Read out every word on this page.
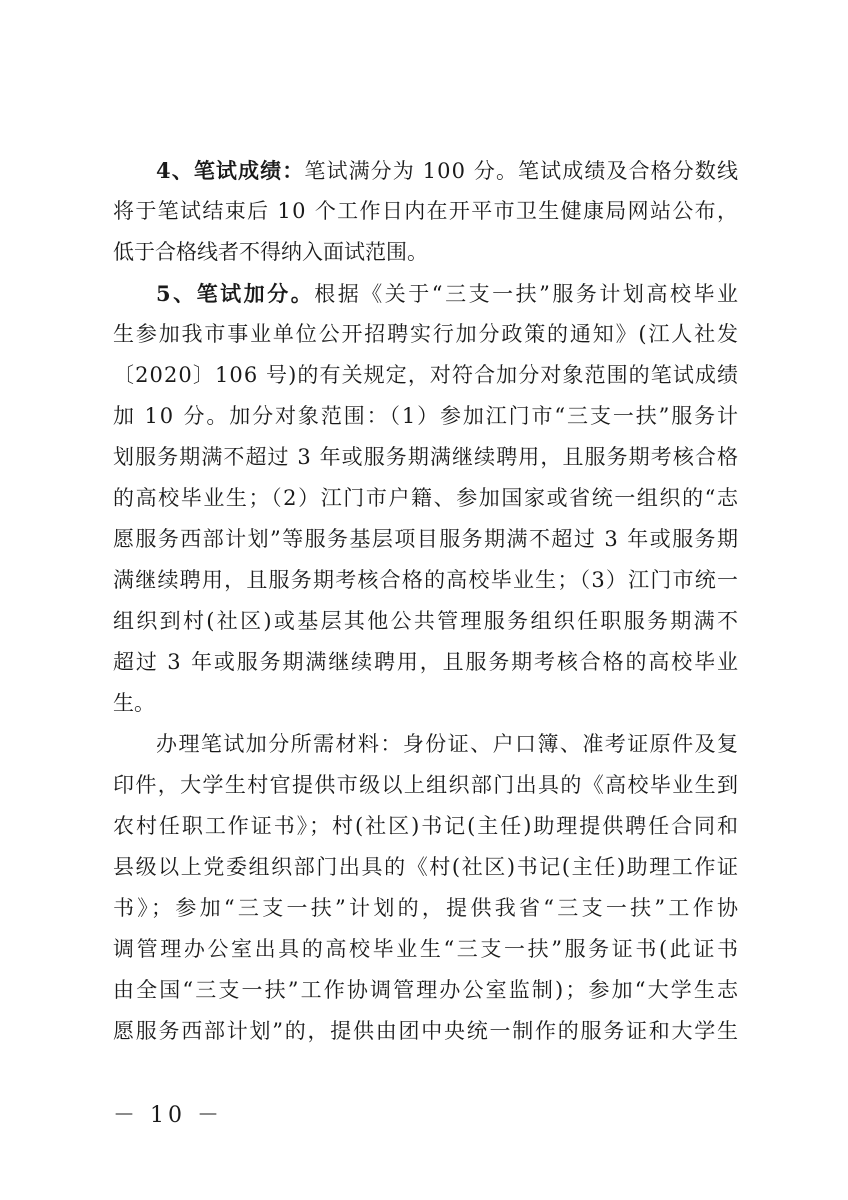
4、笔试成绩：笔试满分为 100 分。笔试成绩及合格分数线
将于笔试结束后 10 个工作日内在开平市卫生健康局网站公布，
低于合格线者不得纳入面试范围。
5、笔试加分。根据《关于“三支一扶”服务计划高校毕业
生参加我市事业单位公开招聘实行加分政策的通知》(江人社发
〔2020〕106 号)的有关规定，对符合加分对象范围的笔试成绩
加 10 分。加分对象范围：（1）参加江门市“三支一扶”服务计
划服务期满不超过 3 年或服务期满继续聘用，且服务期考核合格
的高校毕业生；（2）江门市户籍、参加国家或省统一组织的“志
愿服务西部计划”等服务基层项目服务期满不超过 3 年或服务期
满继续聘用，且服务期考核合格的高校毕业生；（3）江门市统一
组织到村(社区)或基层其他公共管理服务组织任职服务期满不
超过 3 年或服务期满继续聘用，且服务期考核合格的高校毕业
生。
办理笔试加分所需材料：身份证、户口簿、准考证原件及复
印件，大学生村官提供市级以上组织部门出具的《高校毕业生到
农村任职工作证书》；村(社区)书记(主任)助理提供聘任合同和
县级以上党委组织部门出具的《村(社区)书记(主任)助理工作证
书》；参加“三支一扶”计划的，提供我省“三支一扶”工作协
调管理办公室出具的高校毕业生“三支一扶”服务证书(此证书
由全国“三支一扶”工作协调管理办公室监制)；参加“大学生志
愿服务西部计划”的，提供由团中央统一制作的服务证和大学生
－ 10 －
